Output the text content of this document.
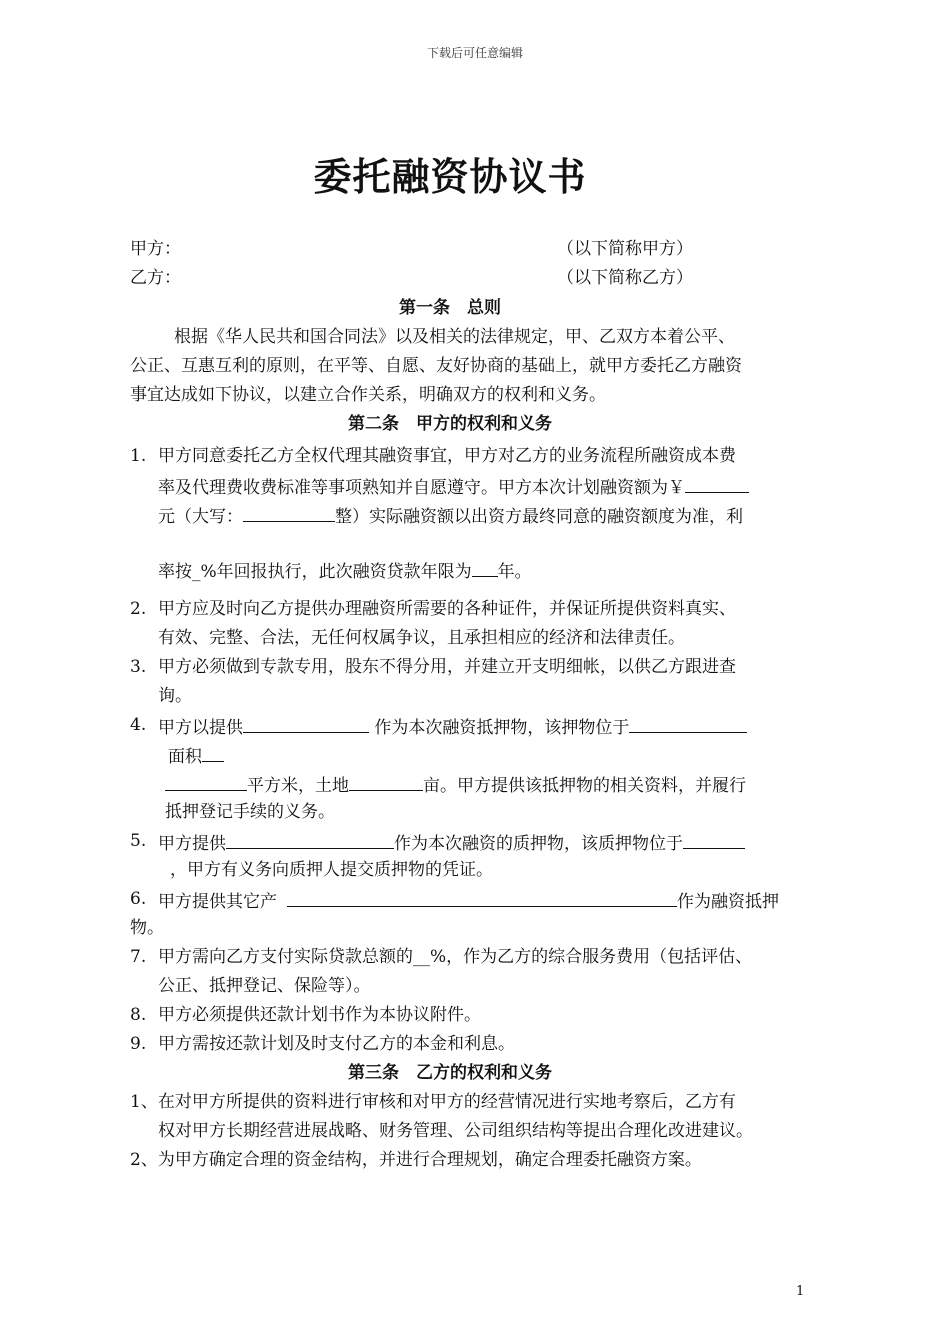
下载后可任意编辑
委托融资协议书
甲方：	（以下简称甲方）
乙方：	（以下简称乙方）
第一条　总则
根据《华人民共和国合同法》以及相关的法律规定，甲、乙双方本着公平、
公正、互惠互利的原则，在平等、自愿、友好协商的基础上，就甲方委托乙方融资
事宜达成如下协议，以建立合作关系，明确双方的权利和义务。
第二条　甲方的权利和义务
1. 甲方同意委托乙方全权代理其融资事宜，甲方对乙方的业务流程所融资成本费
率及代理费收费标准等事项熟知并自愿遵守。甲方本次计划融资额为￥
元（大写：	整）实际融资额以出资方最终同意的融资额度为准，利
率按_%年回报执行，此次融资贷款年限为 年。
2. 甲方应及时向乙方提供办理融资所需要的各种证件，并保证所提供资料真实、
有效、完整、合法，无任何权属争议，且承担相应的经济和法律责任。
3. 甲方必须做到专款专用，股东不得分用，并建立开支明细帐，以供乙方跟进查
询。
4. 甲方以提供	作为本次融资抵押物，该押物位于
面积
平方米，土地	亩。甲方提供该抵押物的相关资料，并履行
抵押登记手续的义务。
5. 甲方提供	作为本次融资的质押物，该质押物位于
，甲方有义务向质押人提交质押物的凭证。
6. 甲方提供其它产	作为融资抵押
物。
7. 甲方需向乙方支付实际贷款总额的__%，作为乙方的综合服务费用（包括评估、
公正、抵押登记、保险等）。
8. 甲方必须提供还款计划书作为本协议附件。
9. 甲方需按还款计划及时支付乙方的本金和利息。
第三条　乙方的权利和义务
1、在对甲方所提供的资料进行审核和对甲方的经营情况进行实地考察后，乙方有
权对甲方长期经营进展战略、财务管理、公司组织结构等提出合理化改进建议。
2、为甲方确定合理的资金结构，并进行合理规划，确定合理委托融资方案。
1
